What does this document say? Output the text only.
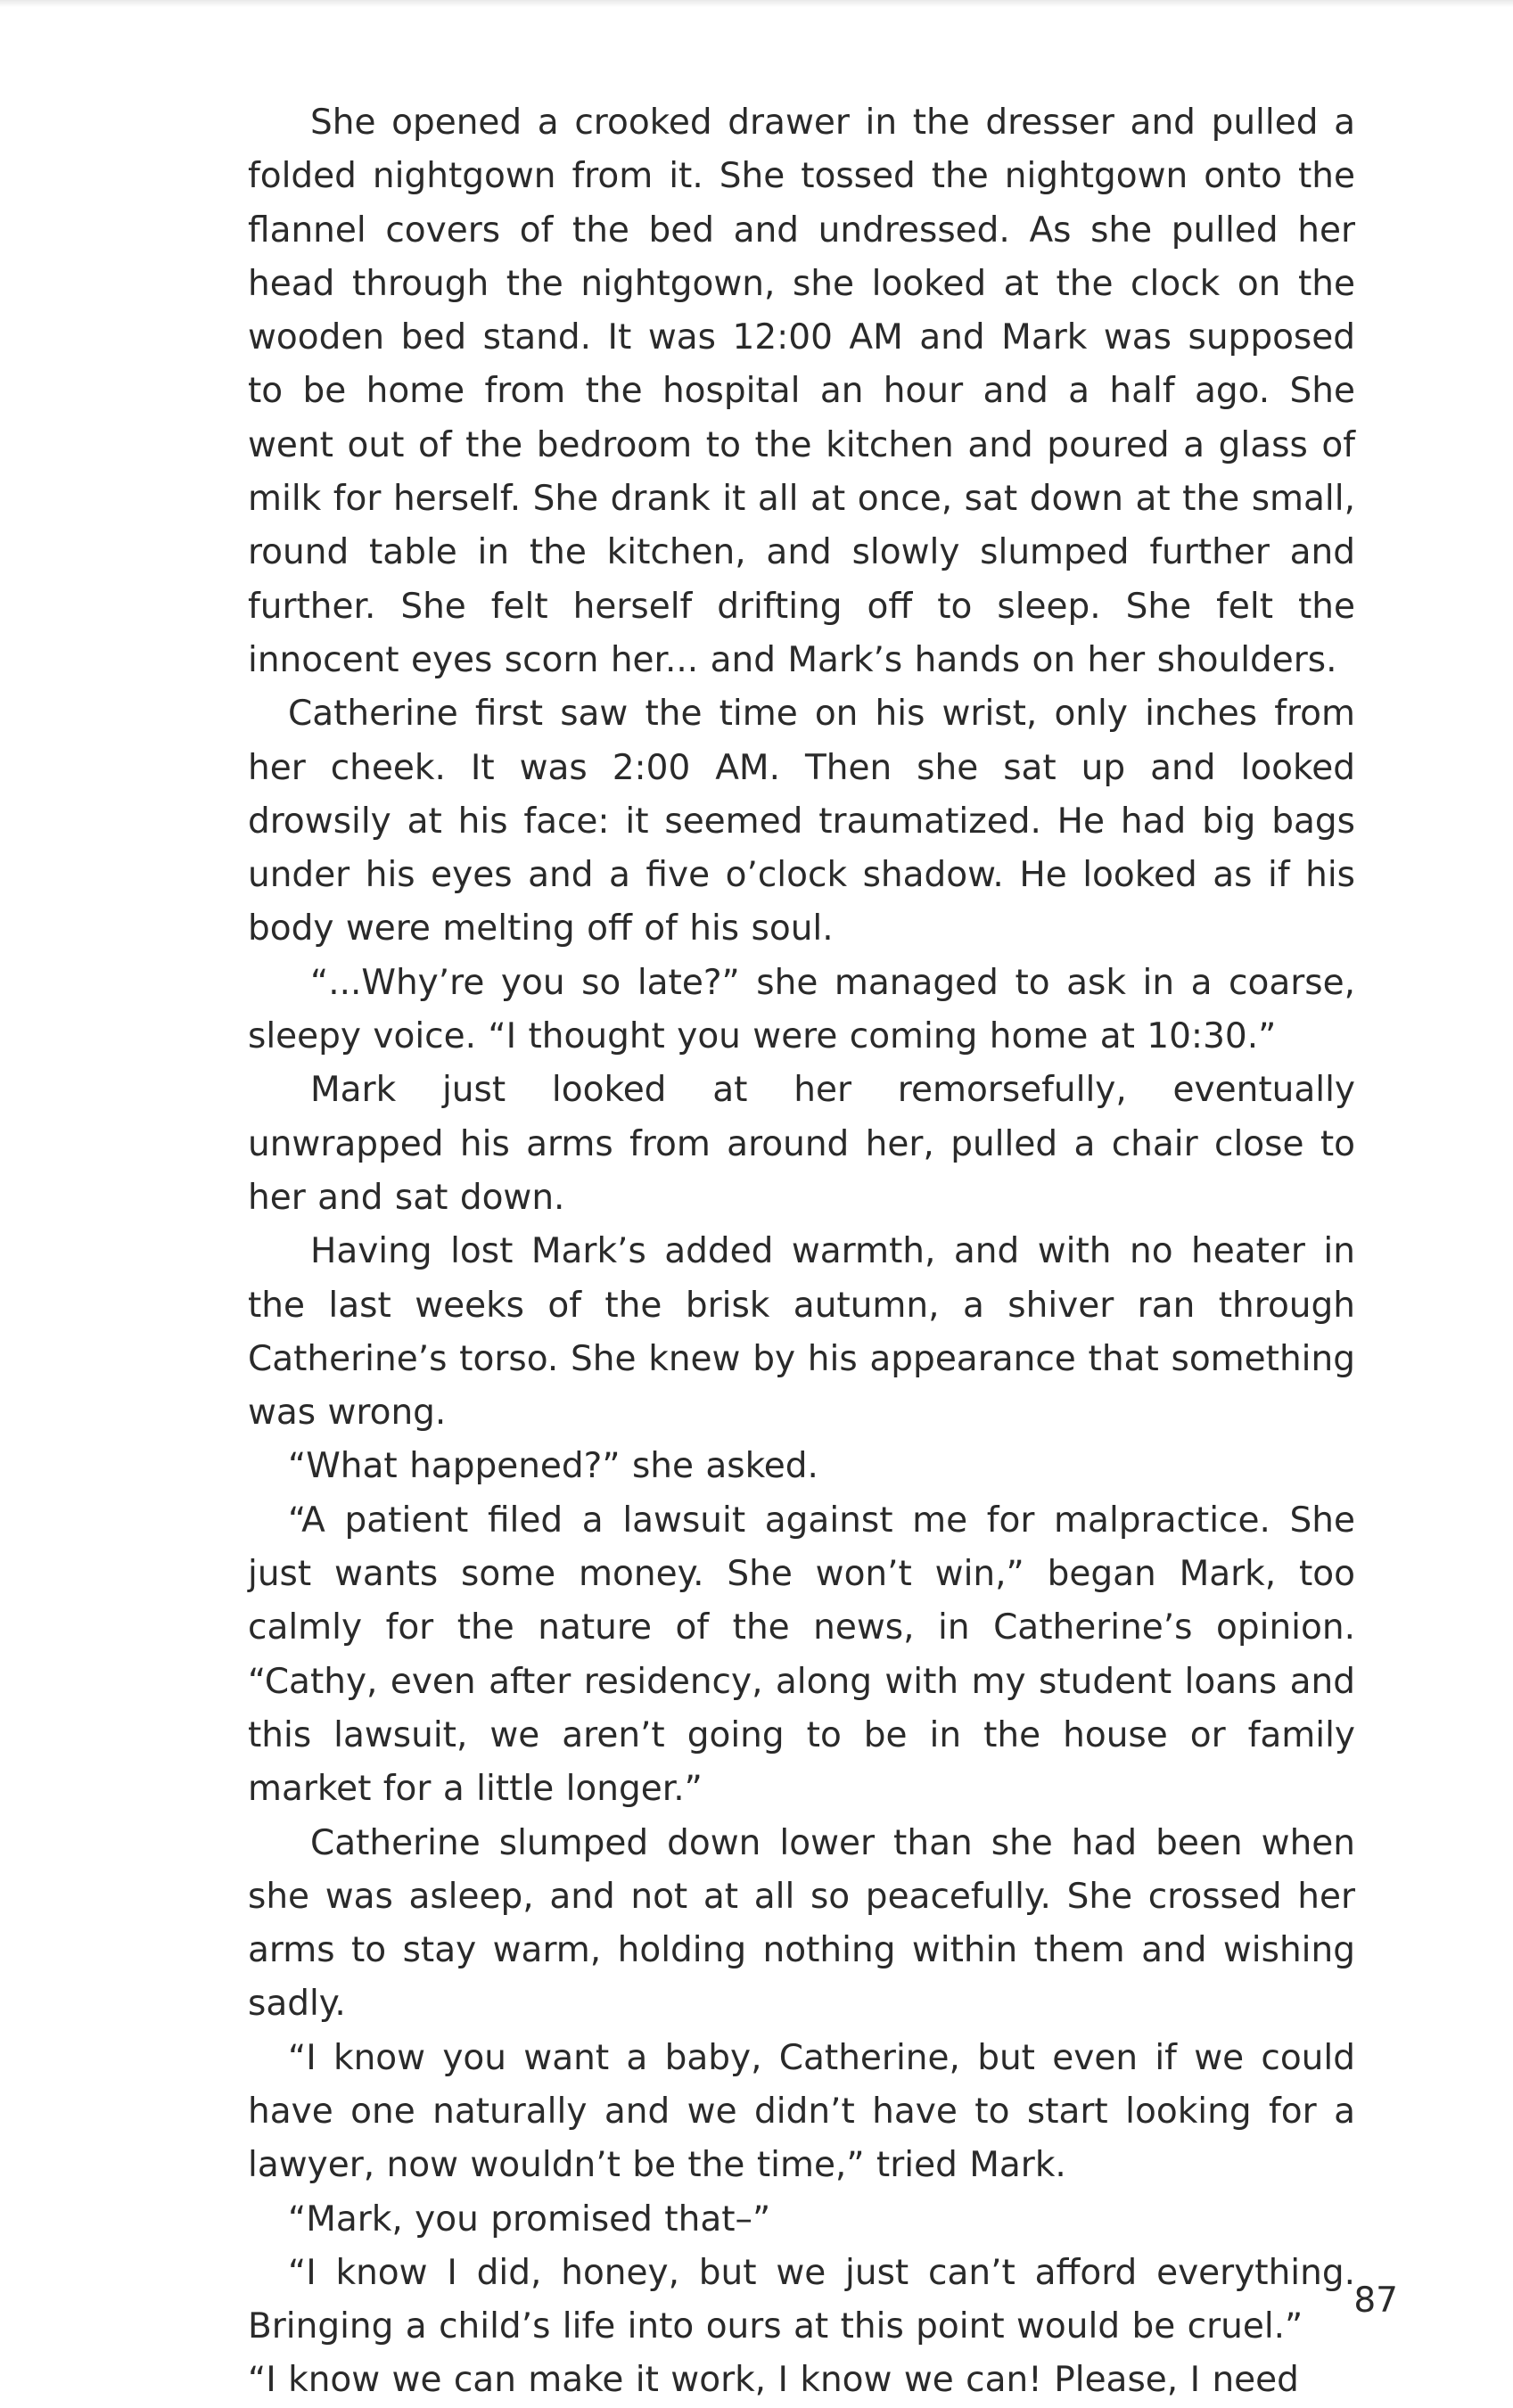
She opened a crooked drawer in the dresser and pulled a folded nightgown from it. She tossed the nightgown onto the flannel covers of the bed and undressed. As she pulled her head through the nightgown, she looked at the clock on the wooden bed stand. It was 12:00 AM and Mark was supposed to be home from the hospital an hour and a half ago. She went out of the bedroom to the kitchen and poured a glass of milk for herself. She drank it all at once, sat down at the small, round table in the kitchen, and slowly slumped further and further. She felt herself drifting off to sleep. She felt the innocent eyes scorn her... and Mark’s hands on her shoulders.

Catherine first saw the time on his wrist, only inches from her cheek. It was 2:00 AM. Then she sat up and looked drowsily at his face: it seemed traumatized. He had big bags under his eyes and a five o’clock shadow. He looked as if his body were melting off of his soul.

“...Why’re you so late?” she managed to ask in a coarse, sleepy voice. “I thought you were coming home at 10:30.”

Mark just looked at her remorsefully, eventually unwrapped his arms from around her, pulled a chair close to her and sat down.

Having lost Mark’s added warmth, and with no heater in the last weeks of the brisk autumn, a shiver ran through Catherine’s torso. She knew by his appearance that something was wrong.

“What happened?” she asked.

“A patient filed a lawsuit against me for malpractice. She just wants some money. She won’t win,” began Mark, too calmly for the nature of the news, in Catherine’s opinion. “Cathy, even after residency, along with my student loans and this lawsuit, we aren’t going to be in the house or family market for a little longer.”

Catherine slumped down lower than she had been when she was asleep, and not at all so peacefully. She crossed her arms to stay warm, holding nothing within them and wishing sadly.

“I know you want a baby, Catherine, but even if we could have one naturally and we didn’t have to start looking for a lawyer, now wouldn’t be the time,” tried Mark.

“Mark, you promised that–”

“I know I did, honey, but we just can’t afford everything. Bringing a child’s life into ours at this point would be cruel.”

“I know we can make it work, I know we can! Please, I need

87
